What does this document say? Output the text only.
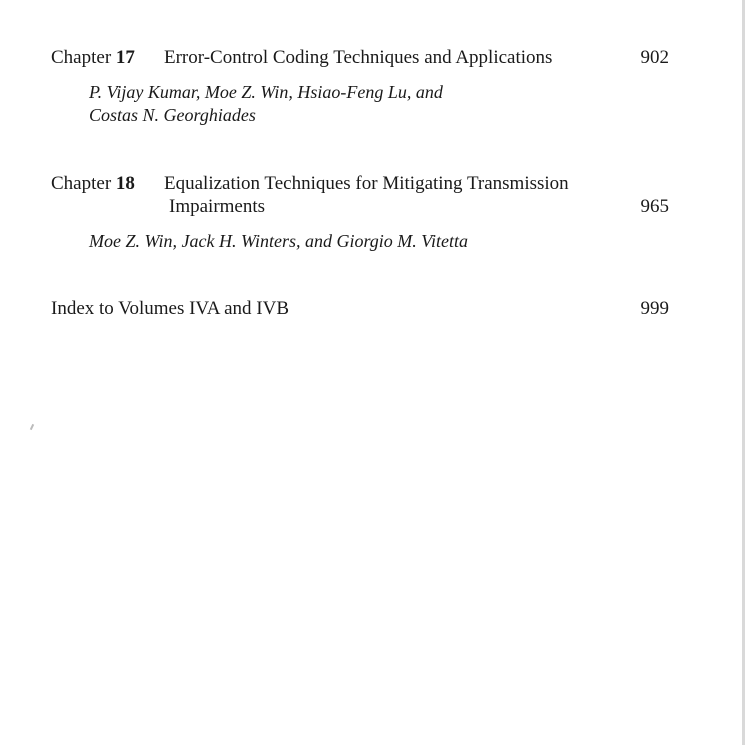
Chapter 17	Error-Control Coding Techniques and Applications	902
P. Vijay Kumar, Moe Z. Win, Hsiao-Feng Lu, and
Costas N. Georghiades
Chapter 18	Equalization Techniques for Mitigating Transmission
Impairments	965
Moe Z. Win, Jack H. Winters, and Giorgio M. Vitetta
Index to Volumes IVA and IVB	999
